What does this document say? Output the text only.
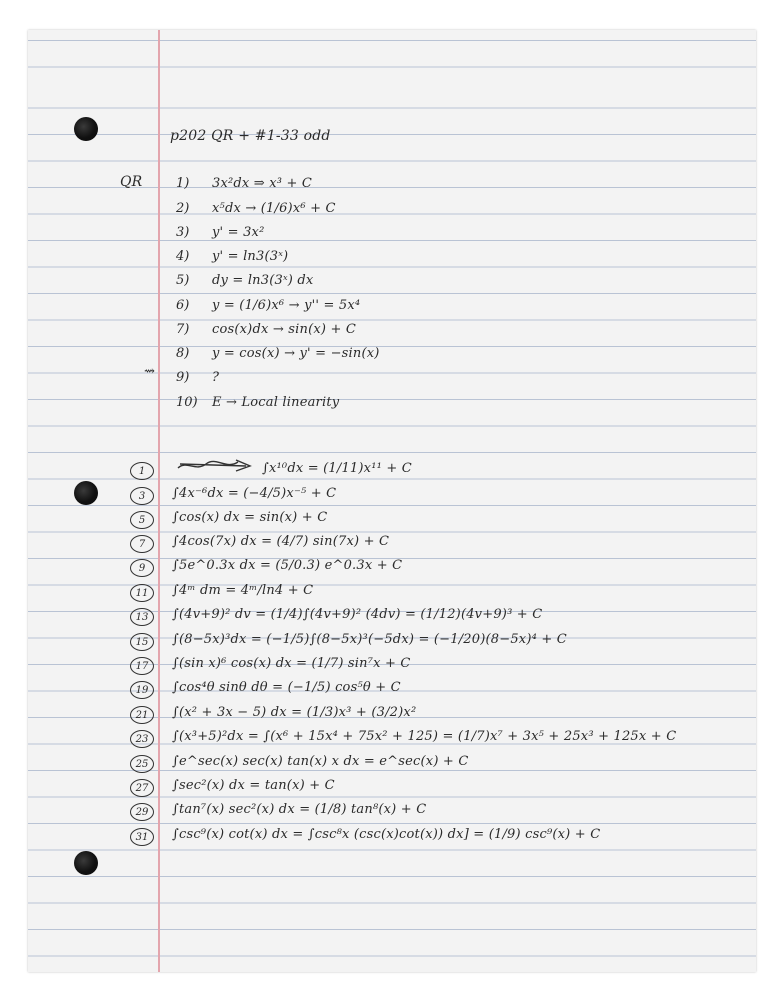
p202 QR + #1-33 odd
QR	1) 3x²dx ⇒ x³ + C
2) x⁵dx → (1/6)x⁶ + C
3) y' = 3x²
4) y' = ln3(3ˣ)
5) dy = ln3(3ˣ) dx
6) y = (1/6)x⁶ → y'' = 5x⁴
7) cos(x)dx → sin(x) + C
8) y = cos(x) → y' = −sin(x)
9) ?
10) E → Local linearity
⇝
1	∫x¹⁰dx = (1/11)x¹¹ + C
3	∫4x⁻⁶dx = (−4/5)x⁻⁵ + C
5	∫cos(x) dx = sin(x) + C
7	∫4cos(7x) dx = (4/7) sin(7x) + C
9	∫5e^0.3x dx = (5/0.3) e^0.3x + C
11	∫4ᵐ dm = 4ᵐ/ln4 + C
13	∫(4v+9)² dv = (1/4)∫(4v+9)² (4dv) = (1/12)(4v+9)³ + C
15	∫(8−5x)³dx = (−1/5)∫(8−5x)³(−5dx) = (−1/20)(8−5x)⁴ + C
17	∫(sin x)⁶ cos(x) dx = (1/7) sin⁷x + C
19	∫cos⁴θ sinθ dθ = (−1/5) cos⁵θ + C
21	∫(x² + 3x − 5) dx = (1/3)x³ + (3/2)x²
23	∫(x³+5)²dx = ∫(x⁶ + 15x⁴ + 75x² + 125) = (1/7)x⁷ + 3x⁵ + 25x³ + 125x + C
25	∫e^sec(x) sec(x) tan(x) x dx = e^sec(x) + C
27	∫sec²(x) dx = tan(x) + C
29	∫tan⁷(x) sec²(x) dx = (1/8) tan⁸(x) + C
31	∫csc⁹(x) cot(x) dx = ∫csc⁸x (csc(x)cot(x)) dx] = (1/9) csc⁹(x) + C
